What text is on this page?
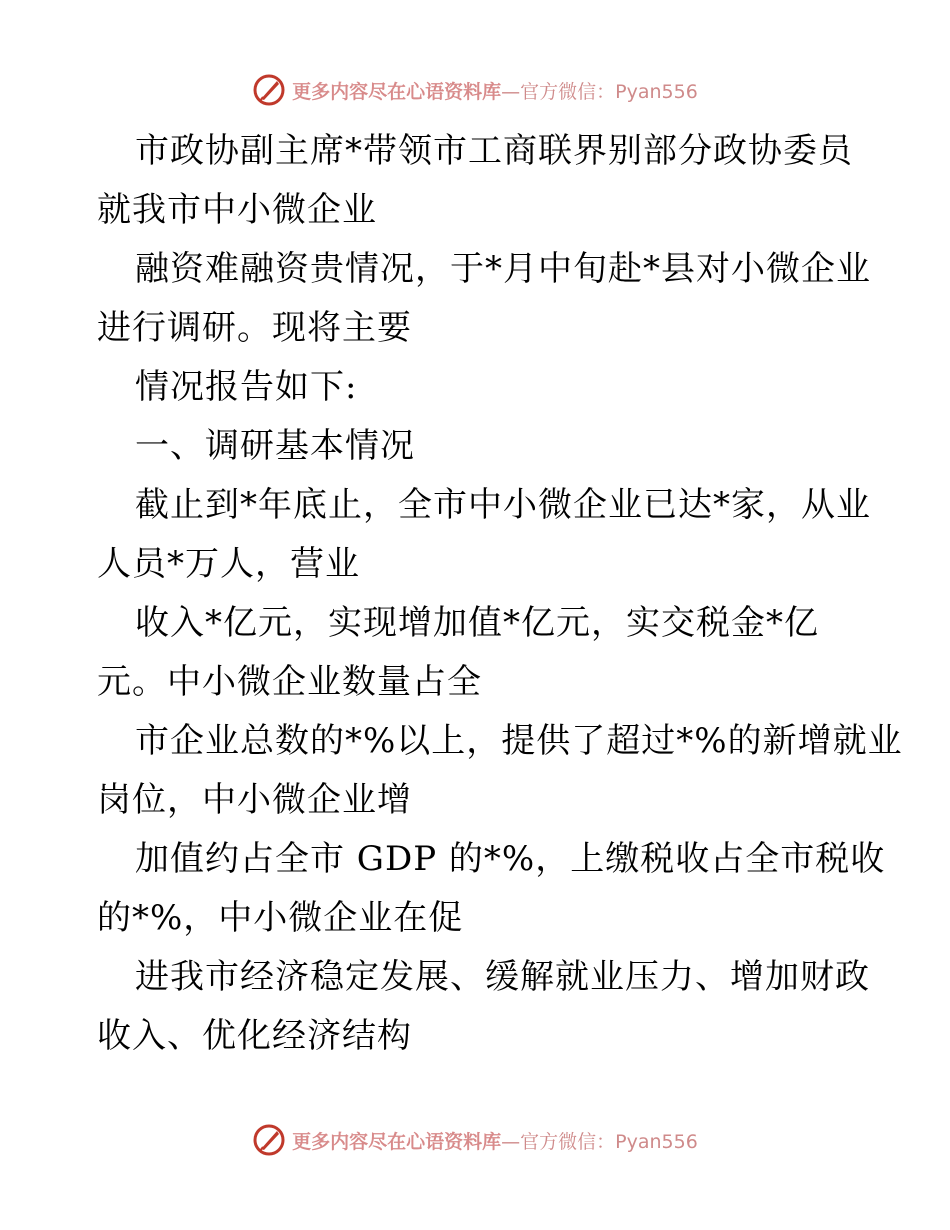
更多内容尽在心语资料库—官方微信：Pyan556

市政协副主席*带领市工商联界别部分政协委员
就我市中小微企业

融资难融资贵情况，于*月中旬赴*县对小微企业
进行调研。现将主要

情况报告如下:

一、调研基本情况

截止到*年底止，全市中小微企业已达*家，从业
人员*万人，营业

收入*亿元，实现增加值*亿元，实交税金*亿
元。中小微企业数量占全

市企业总数的*%以上，提供了超过*%的新增就业
岗位，中小微企业增

加值约占全市 GDP 的*%，上缴税收占全市税收
的*%，中小微企业在促

进我市经济稳定发展、缓解就业压力、增加财政
收入、优化经济结构

更多内容尽在心语资料库—官方微信：Pyan556
